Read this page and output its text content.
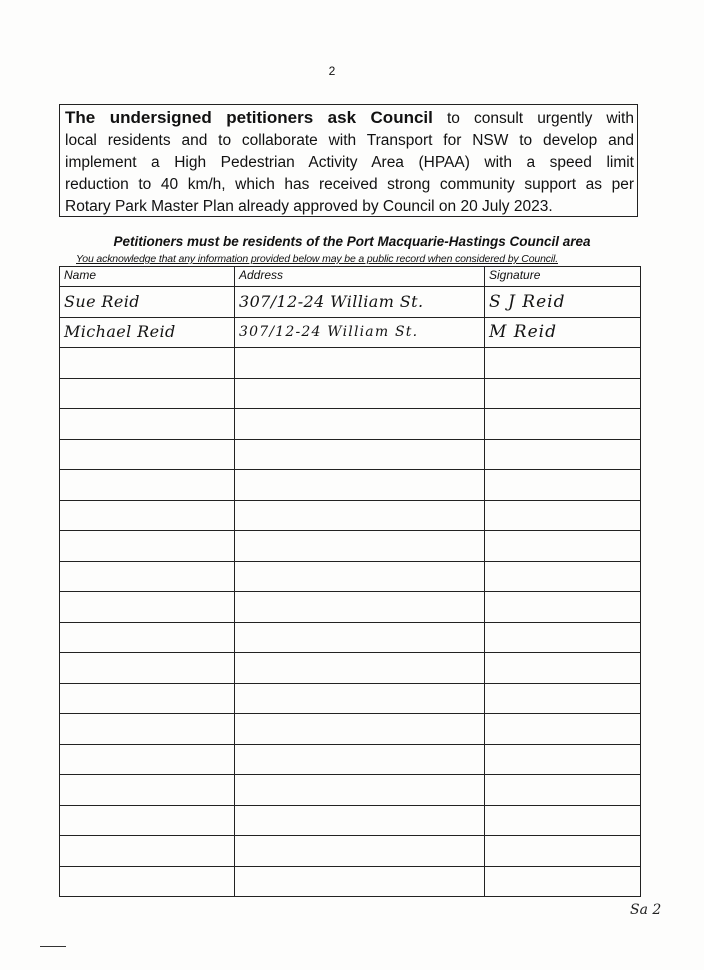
2
The undersigned petitioners ask Council to consult urgently with
local residents and to collaborate with Transport for NSW to develop and
implement a High Pedestrian Activity Area (HPAA) with a speed limit
reduction to 40 km/h, which has received strong community support as per
Rotary Park Master Plan already approved by Council on 20 July 2023.
Petitioners must be residents of the Port Macquarie-Hastings Council area
You acknowledge that any information provided below may be a public record when considered by Council.
Name	Address	Signature
Sue Reid	307/12-24 William St.	S J Reid
Michael Reid	307/12-24 William St.	M Reid

Sa 2
